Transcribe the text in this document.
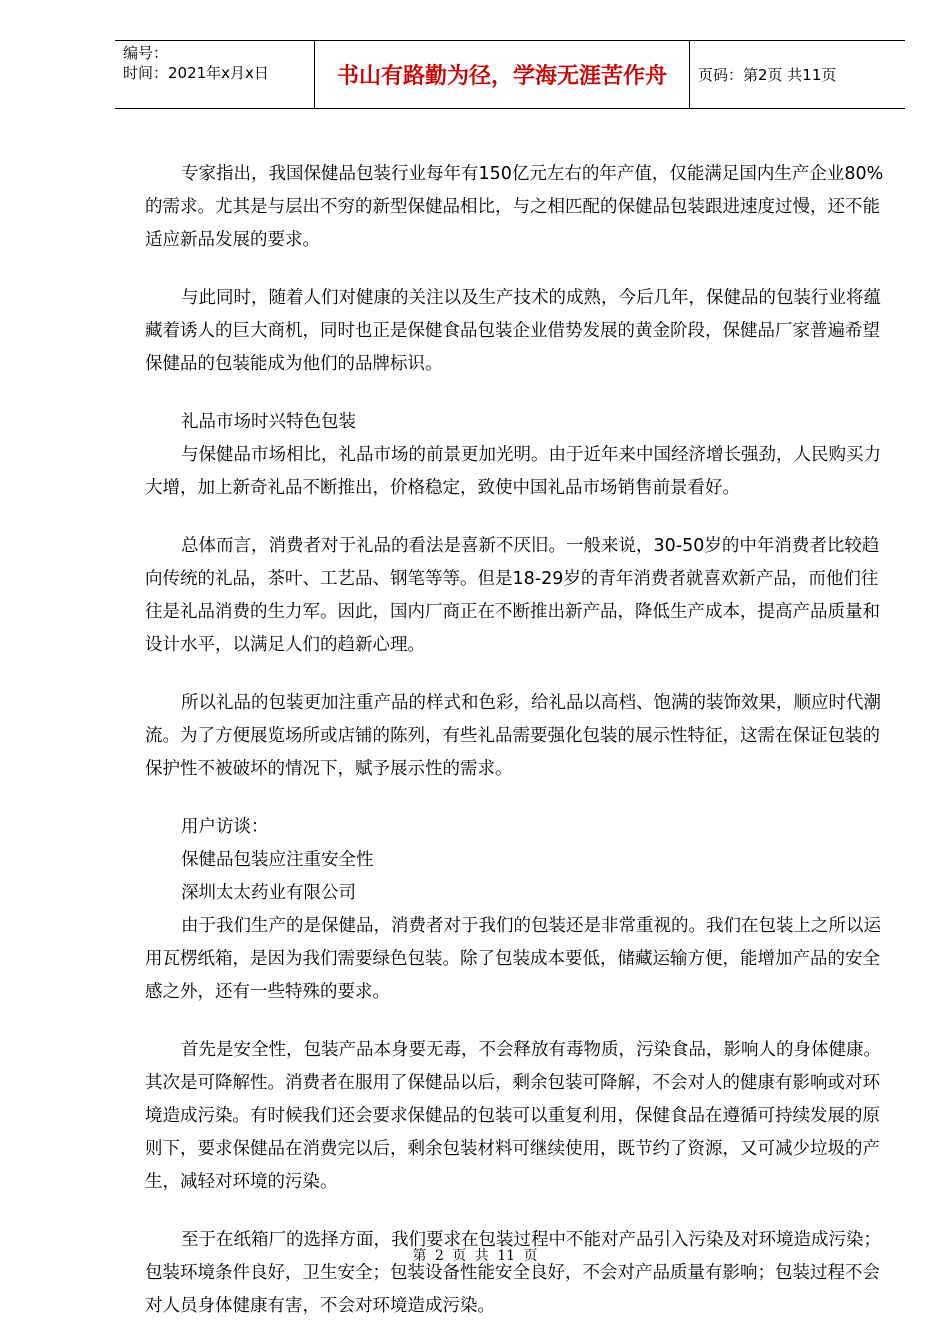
编号：
时间：2021年x月x日	书山有路勤为径，学海无涯苦作舟	页码：第2页 共11页

专家指出，我国保健品包装行业每年有150亿元左右的年产值，仅能满足国内生产企业80%的需求。尤其是与层出不穷的新型保健品相比，与之相匹配的保健品包装跟进速度过慢，还不能适应新品发展的要求。

与此同时，随着人们对健康的关注以及生产技术的成熟，今后几年，保健品的包装行业将蕴藏着诱人的巨大商机，同时也正是保健食品包装企业借势发展的黄金阶段，保健品厂家普遍希望保健品的包装能成为他们的品牌标识。

礼品市场时兴特色包装

与保健品市场相比，礼品市场的前景更加光明。由于近年来中国经济增长强劲，人民购买力大增，加上新奇礼品不断推出，价格稳定，致使中国礼品市场销售前景看好。

总体而言，消费者对于礼品的看法是喜新不厌旧。一般来说，30-50岁的中年消费者比较趋向传统的礼品，茶叶、工艺品、钢笔等等。但是18-29岁的青年消费者就喜欢新产品，而他们往往是礼品消费的生力军。因此，国内厂商正在不断推出新产品，降低生产成本，提高产品质量和设计水平，以满足人们的趋新心理。

所以礼品的包装更加注重产品的样式和色彩，给礼品以高档、饱满的装饰效果，顺应时代潮流。为了方便展览场所或店铺的陈列，有些礼品需要强化包装的展示性特征，这需在保证包装的保护性不被破坏的情况下，赋予展示性的需求。

用户访谈：

保健品包装应注重安全性

深圳太太药业有限公司

由于我们生产的是保健品，消费者对于我们的包装还是非常重视的。我们在包装上之所以运用瓦楞纸箱，是因为我们需要绿色包装。除了包装成本要低，储藏运输方便，能增加产品的安全感之外，还有一些特殊的要求。

首先是安全性，包装产品本身要无毒，不会释放有毒物质，污染食品，影响人的身体健康。其次是可降解性。消费者在服用了保健品以后，剩余包装可降解，不会对人的健康有影响或对环境造成污染。有时候我们还会要求保健品的包装可以重复利用，保健食品在遵循可持续发展的原则下，要求保健品在消费完以后，剩余包装材料可继续使用，既节约了资源，又可减少垃圾的产生，减轻对环境的污染。

至于在纸箱厂的选择方面，我们要求在包装过程中不能对产品引入污染及对环境造成污染；包装环境条件良好，卫生安全；包装设备性能安全良好，不会对产品质量有影响；包装过程不会对人员身体健康有害，不会对环境造成污染。

第 2 页 共 11 页
